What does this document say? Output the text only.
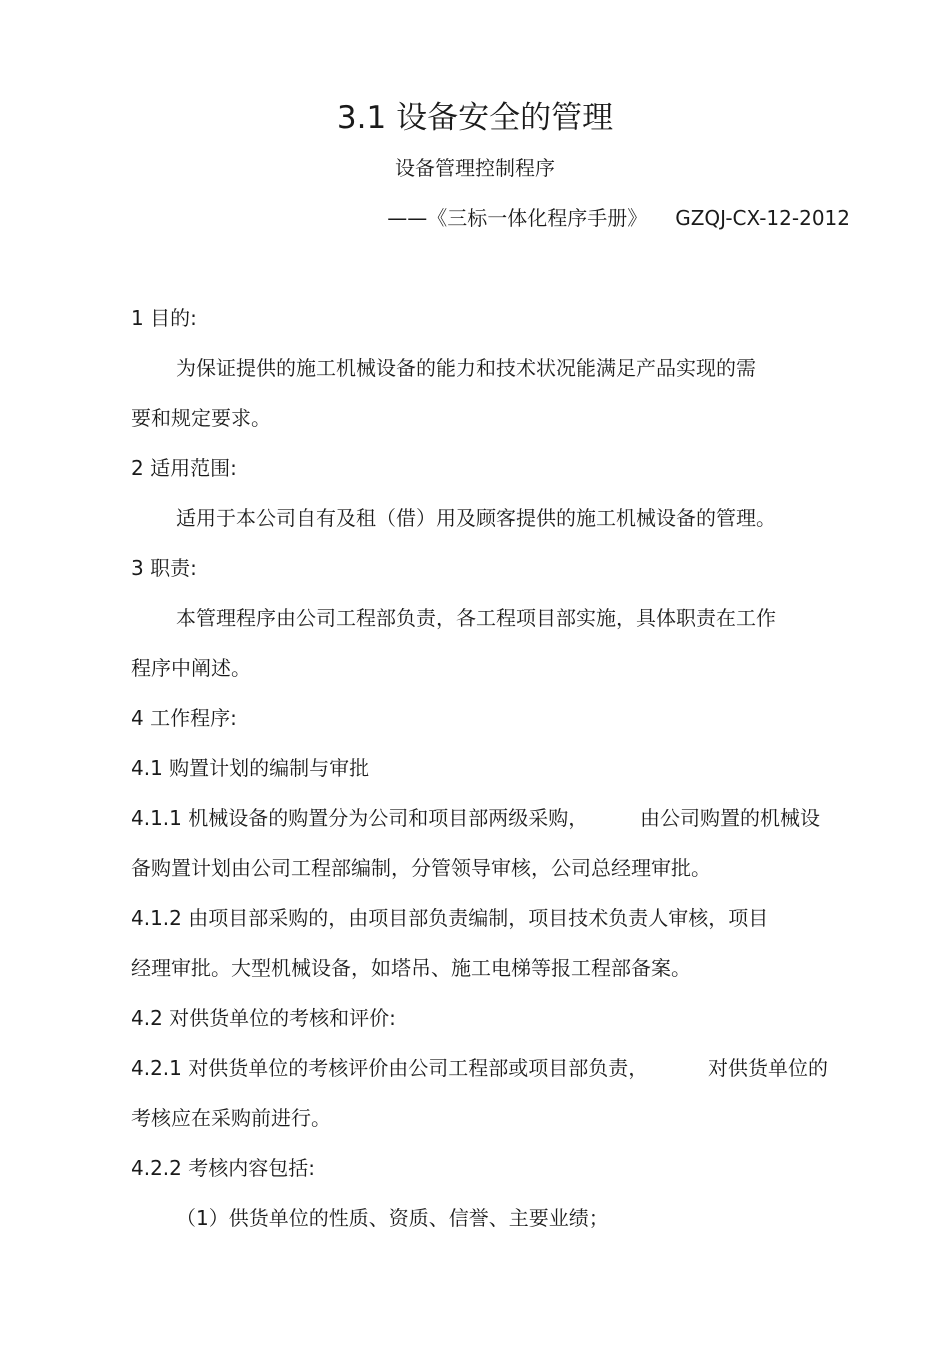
3.1 设备安全的管理
设备管理控制程序
——《三标一体化程序手册》 GZQJ-CX-12-2012
1 目的:
为保证提供的施工机械设备的能力和技术状况能满足产品实现的需
要和规定要求。
2 适用范围:
适用于本公司自有及租（借）用及顾客提供的施工机械设备的管理。
3 职责:
本管理程序由公司工程部负责，各工程项目部实施，具体职责在工作
程序中阐述。
4 工作程序:
4.1 购置计划的编制与审批
4.1.1 机械设备的购置分为公司和项目部两级采购，	由公司购置的机械设
备购置计划由公司工程部编制，分管领导审核，公司总经理审批。
4.1.2 由项目部采购的，由项目部负责编制，项目技术负责人审核，项目
经理审批。大型机械设备，如塔吊、施工电梯等报工程部备案。
4.2 对供货单位的考核和评价:
4.2.1 对供货单位的考核评价由公司工程部或项目部负责，	对供货单位的
考核应在采购前进行。
4.2.2 考核内容包括:
（1）供货单位的性质、资质、信誉、主要业绩；
